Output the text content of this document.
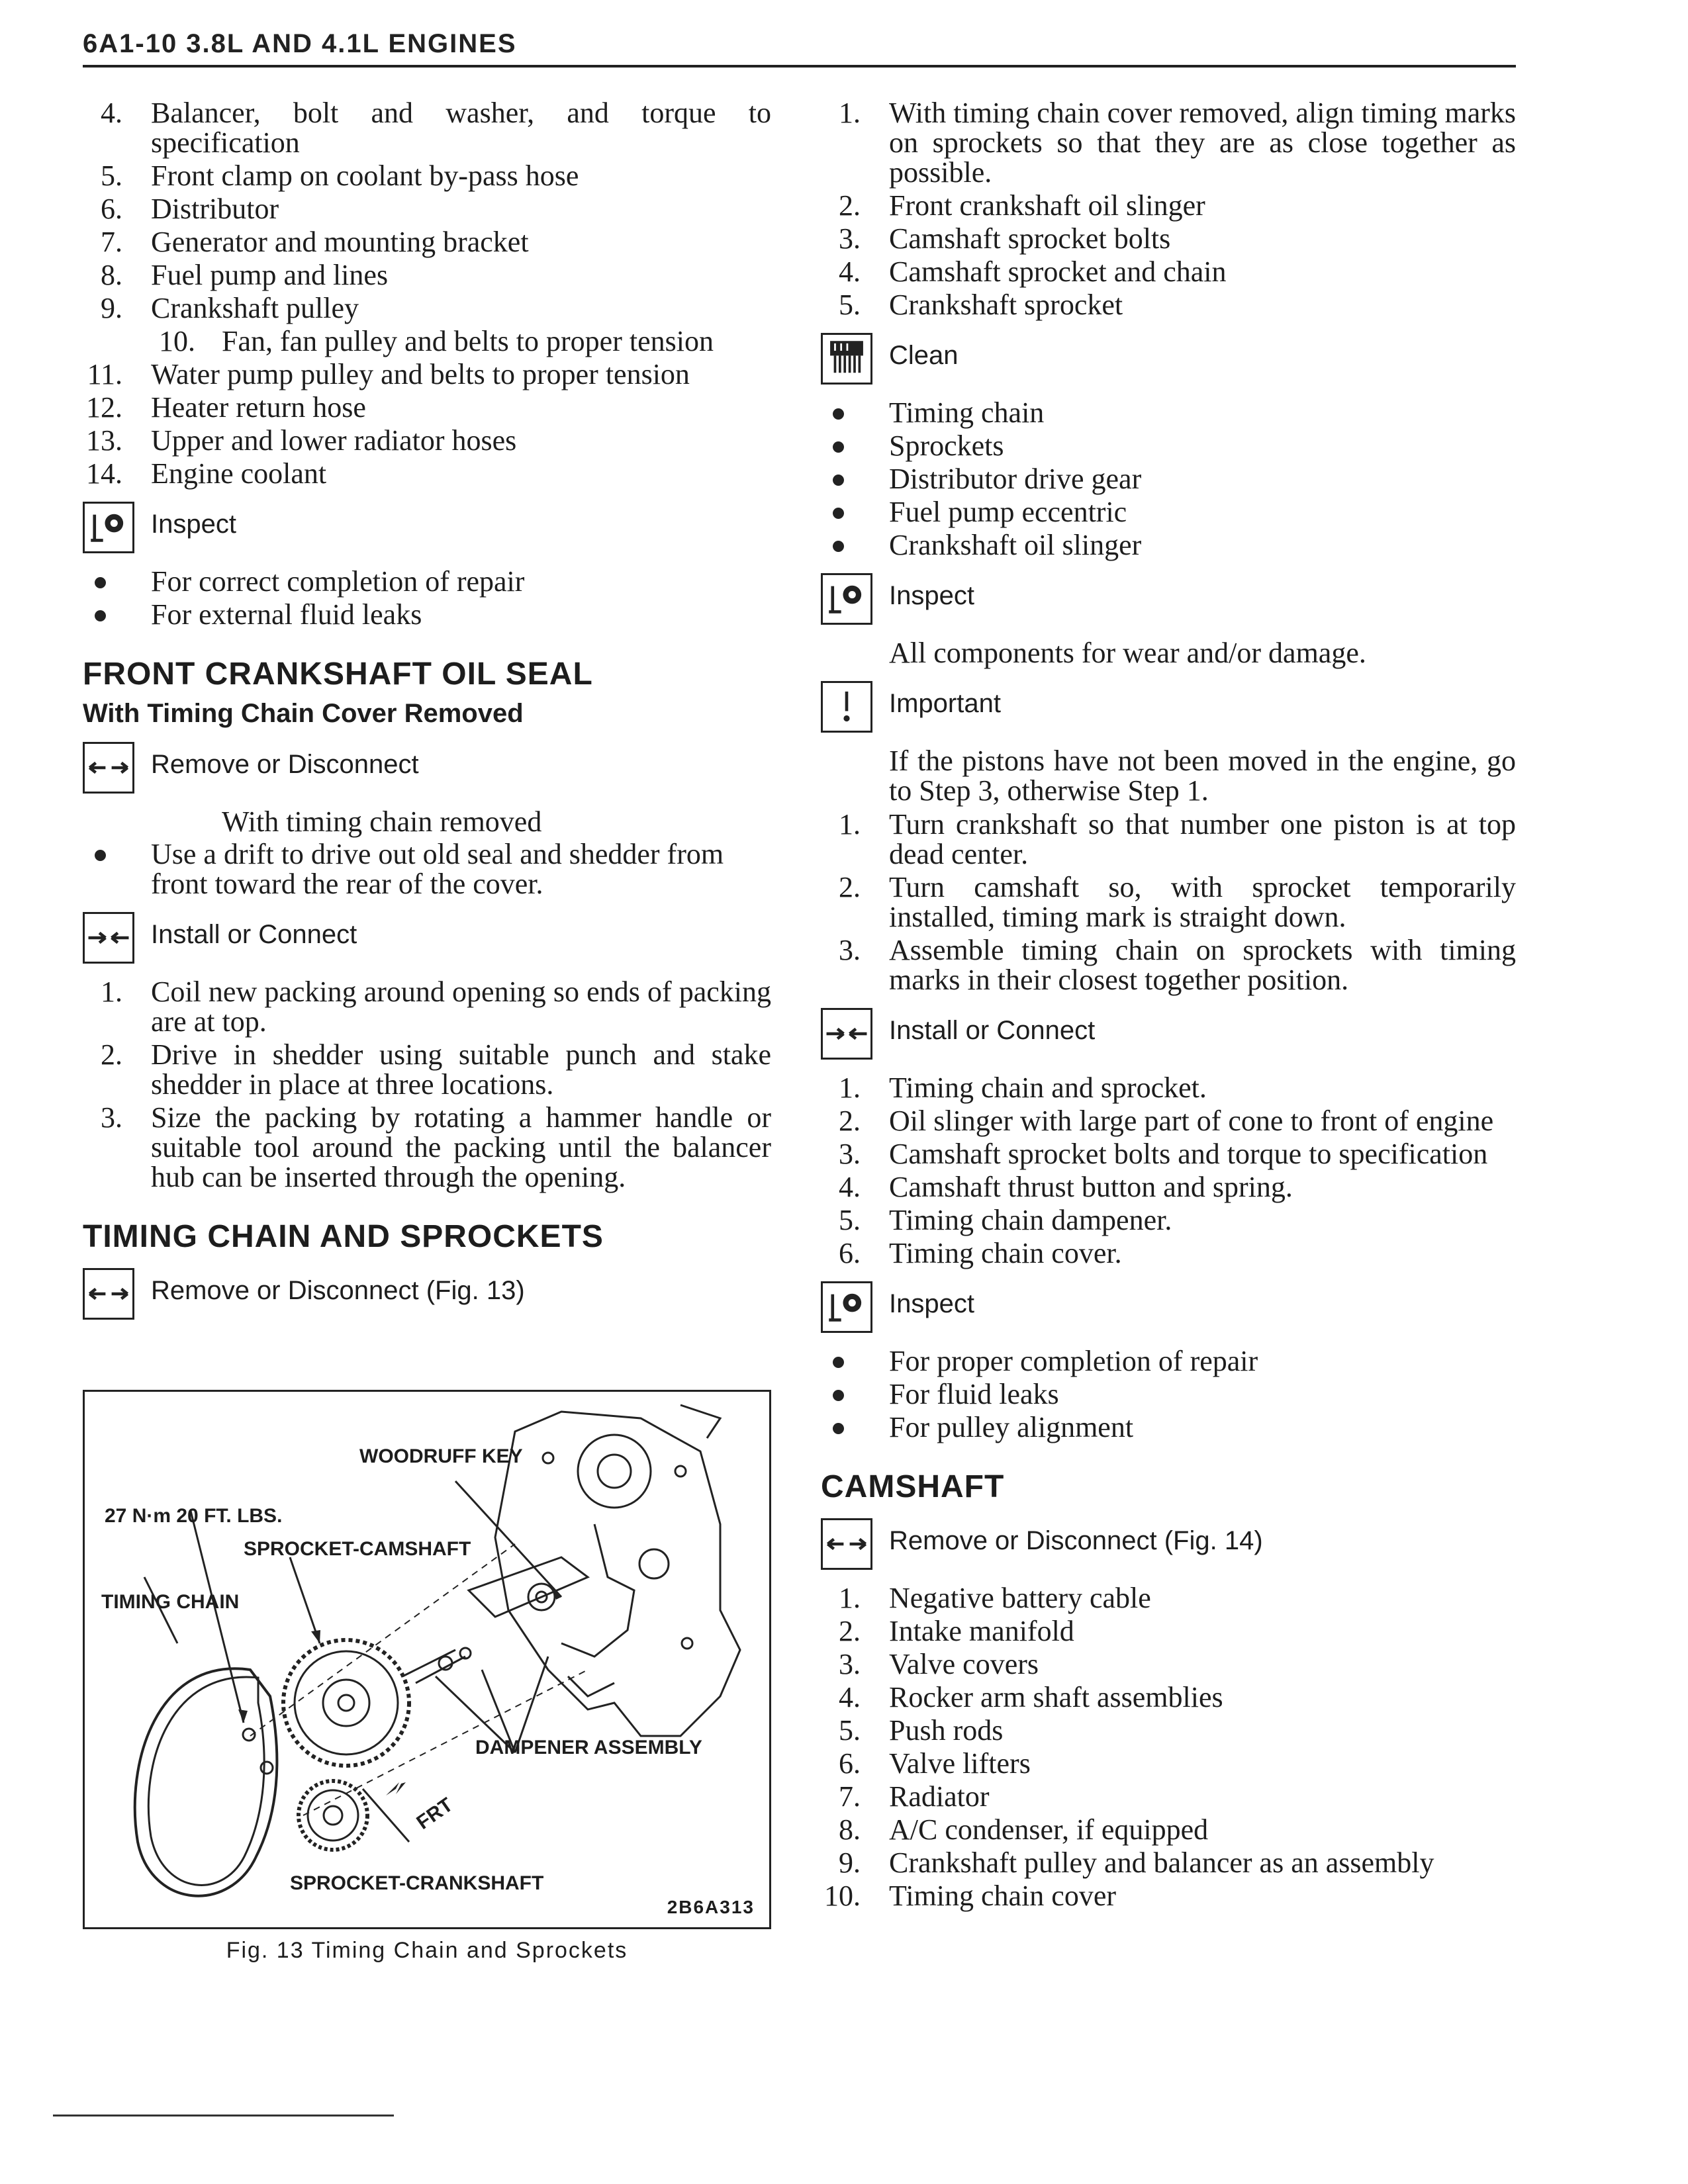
6A1-10 3.8L AND 4.1L ENGINES
4. Balancer, bolt and washer, and torque to specification
5. Front clamp on coolant by-pass hose
6. Distributor
7. Generator and mounting bracket
8. Fuel pump and lines
9. Crankshaft pulley
10. Fan, fan pulley and belts to proper tension
11. Water pump pulley and belts to proper tension
12. Heater return hose
13. Upper and lower radiator hoses
14. Engine coolant
Inspect
For correct completion of repair
For external fluid leaks
FRONT CRANKSHAFT OIL SEAL
With Timing Chain Cover Removed
Remove or Disconnect

With timing chain removed

Use a drift to drive out old seal and shedder from front toward the rear of the cover.
Install or Connect
1. Coil new packing around opening so ends of packing are at top.
2. Drive in shedder using suitable punch and stake shedder in place at three locations.
3. Size the packing by rotating a hammer handle or suitable tool around the packing until the balancer hub can be inserted through the opening.
TIMING CHAIN AND SPROCKETS
Remove or Disconnect (Fig. 13)
WOODRUFF KEY
27 N·m 20 FT. LBS.
SPROCKET-CAMSHAFT
TIMING CHAIN
DAMPENER ASSEMBLY
FRT
SPROCKET-CRANKSHAFT
2B6A313
Fig. 13 Timing Chain and Sprockets
1. With timing chain cover removed, align timing marks on sprockets so that they are as close together as possible.
2. Front crankshaft oil slinger
3. Camshaft sprocket bolts
4. Camshaft sprocket and chain
5. Crankshaft sprocket
Clean
Timing chain
Sprockets
Distributor drive gear
Fuel pump eccentric
Crankshaft oil slinger
Inspect

All components for wear and/or damage.

Important

If the pistons have not been moved in the engine, go to Step 3, otherwise Step 1.

1. Turn crankshaft so that number one piston is at top dead center.
2. Turn camshaft so, with sprocket temporarily installed, timing mark is straight down.
3. Assemble timing chain on sprockets with timing marks in their closest together position.
Install or Connect
1. Timing chain and sprocket.
2. Oil slinger with large part of cone to front of engine
3. Camshaft sprocket bolts and torque to specification
4. Camshaft thrust button and spring.
5. Timing chain dampener.
6. Timing chain cover.
Inspect
For proper completion of repair
For fluid leaks
For pulley alignment
CAMSHAFT
Remove or Disconnect (Fig. 14)
1. Negative battery cable
2. Intake manifold
3. Valve covers
4. Rocker arm shaft assemblies
5. Push rods
6. Valve lifters
7. Radiator
8. A/C condenser, if equipped
9. Crankshaft pulley and balancer as an assembly
10. Timing chain cover
